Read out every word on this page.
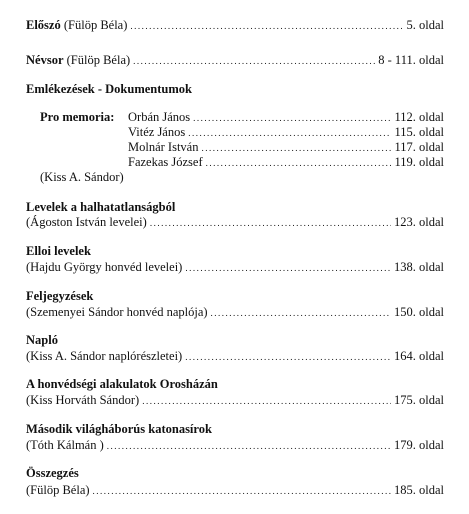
Előszó (Fülöp Béla) .....	5. oldal
Névsor (Fülöp Béla) .....	8 - 111. oldal
Emlékezések - Dokumentumok
Pro memoria:	Orbán János .....	112. oldal
Vitéz János .....	115. oldal
Molnár István .....	117. oldal
Fazekas József .....	119. oldal
(Kiss A. Sándor)
Levelek a halhatatlanságból
(Ágoston István levelei) .....	123. oldal
Elloi levelek
(Hajdu György honvéd levelei) .....	138. oldal
Feljegyzések
(Szemenyei Sándor honvéd naplója) .....	150. oldal
Napló
(Kiss A. Sándor naplórészletei) .....	164. oldal
A honvédségi alakulatok Orosházán
(Kiss Horváth Sándor) .....	175. oldal
Második világháborús katonasírok
(Tóth Kálmán ) .....	179. oldal
Összegzés
(Fülöp Béla) .....	185. oldal
